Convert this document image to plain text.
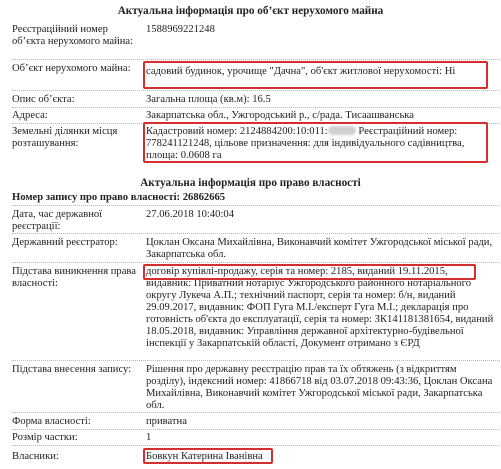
Актуальна інформація про об’єкт нерухомого майна
Реєстраційний номер об’єкта нерухомого майна:
1588969221248
Об’єкт нерухомого майна:	садовий будинок, урочище "Дачна", об'єкт житлової нерухомості: Ні
Опис об’єкта:	Загальна площа (кв.м): 16.5
Адреса:	Закарпатська обл., Ужгородський р., с/рада. Тисаашванська
Земельні ділянки місця розташування:
Кадастровий номер: 2124884200:10:011:	Реєстраційний номер: 778241121248, цільове призначення: для індивідуального садівництва, площа: 0.0608 га
Актуальна інформація про право власності
Номер запису про право власності: 26862665
Дата, час державної реєстрації:
27.06.2018 10:40:04
Державний реєстратор:	Цоклан Оксана Михайлівна, Виконавчий комітет Ужгородської міської ради, Закарпатська обл.
Підстава виникнення права власності:
договір купівлі-продажу, серія та номер: 2185, виданий 19.11.2015,
видавник: Приватний нотаріус Ужгородського районного нотаріального округу Лукеча А.П.; технічний паспорт, серія та номер: б/н, виданий 29.09.2017, видавник: ФОП Гуга М.І./експерт Гуга М.І.; декларація про готовність об'єкта до експлуатації, серія та номер: ЗК141181381654, виданий 18.05.2018, видавник: Управління державної архітектурно-будівельної інспекції у Закарпатській області, Документ отримано з ЄРД
Підстава внесення запису:	Рішення про державну реєстрацію прав та їх обтяжень (з відкриттям розділу), індексний номер: 41866718 від 03.07.2018 09:43:36, Цоклан Оксана Михайлівна, Виконавчий комітет Ужгородської міської ради, Закарпатська обл.
Форма власності:	приватна
Розмір частки:	1
Власники:	Бовкун Катерина Іванівна
